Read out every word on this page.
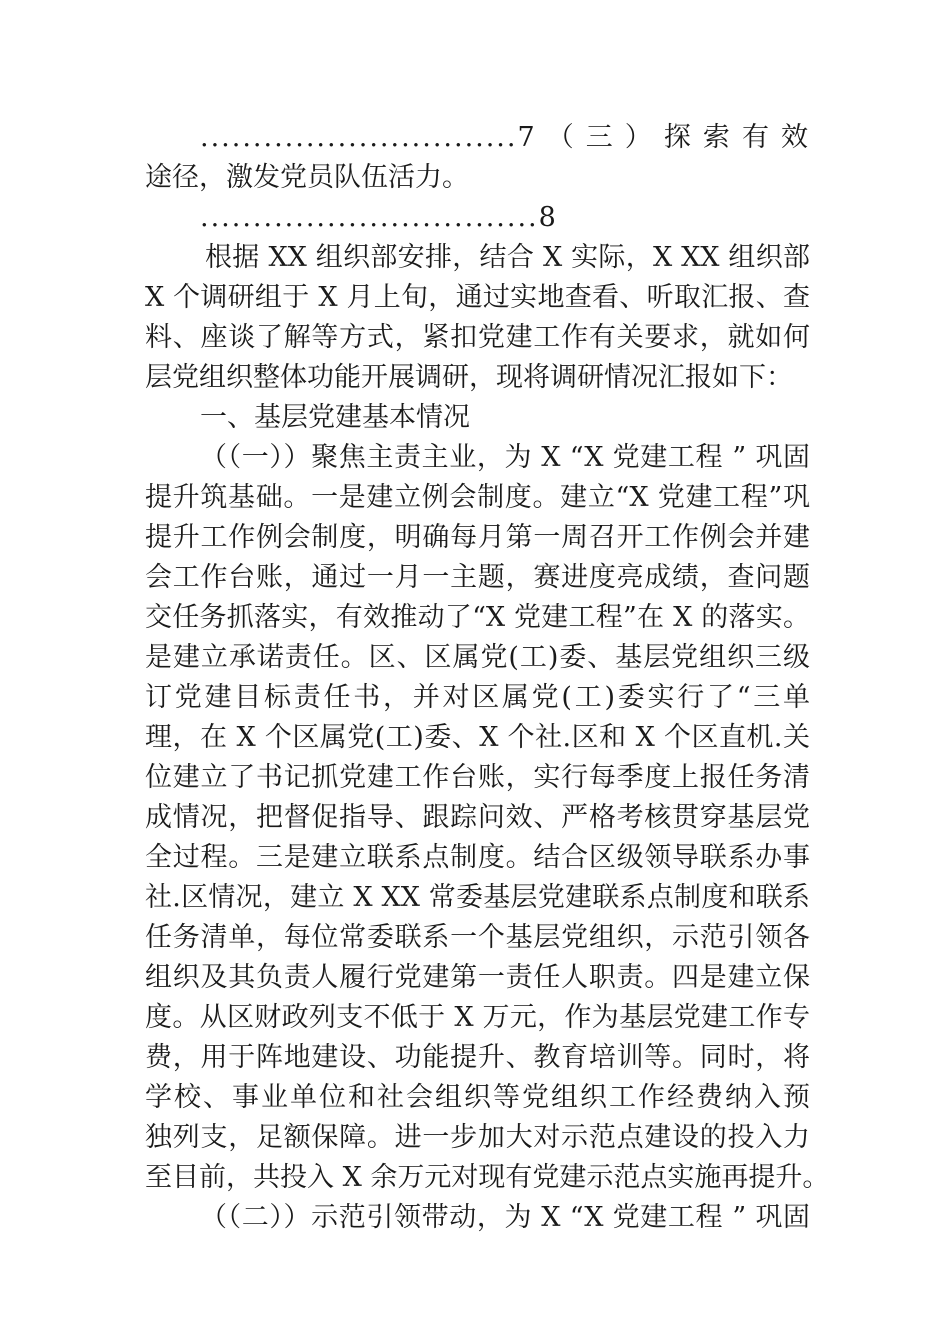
..............................7（三）探索有效
途径，激发党员队伍活力。
................................8
根据 XX 组织部安排，结合 X 实际，X XX 组织部
X 个调研组于 X 月上旬，通过实地查看、听取汇报、查
料、座谈了解等方式，紧扣党建工作有关要求，就如何
层党组织整体功能开展调研，现将调研情况汇报如下：
一、基层党建基本情况
（（一））聚焦主责主业，为 X “X 党建工程 ” 巩固
提升筑基础。一是建立例会制度。建立“X 党建工程”巩
提升工作例会制度，明确每月第一周召开工作例会并建
会工作台账，通过一月一主题，赛进度亮成绩，查问题
交任务抓落实，有效推动了“X 党建工程”在 X 的落实。
是建立承诺责任。区、区属党(工)委、基层党组织三级
订党建目标责任书，并对区属党(工)委实行了“三单
理，在 X 个区属党(工)委、X 个社.区和 X 个区直机.关
位建立了书记抓党建工作台账，实行每季度上报任务清
成情况，把督促指导、跟踪问效、严格考核贯穿基层党
全过程。三是建立联系点制度。结合区级领导联系办事
社.区情况，建立 X XX 常委基层党建联系点制度和联系
任务清单，每位常委联系一个基层党组织，示范引领各
组织及其负责人履行党建第一责任人职责。四是建立保
度。从区财政列支不低于 X 万元，作为基层党建工作专
费，用于阵地建设、功能提升、教育培训等。同时，将
学校、事业单位和社会组织等党组织工作经费纳入预
独列支，足额保障。进一步加大对示范点建设的投入力
至目前，共投入 X 余万元对现有党建示范点实施再提升。
（（二））示范引领带动，为 X “X 党建工程 ” 巩固
